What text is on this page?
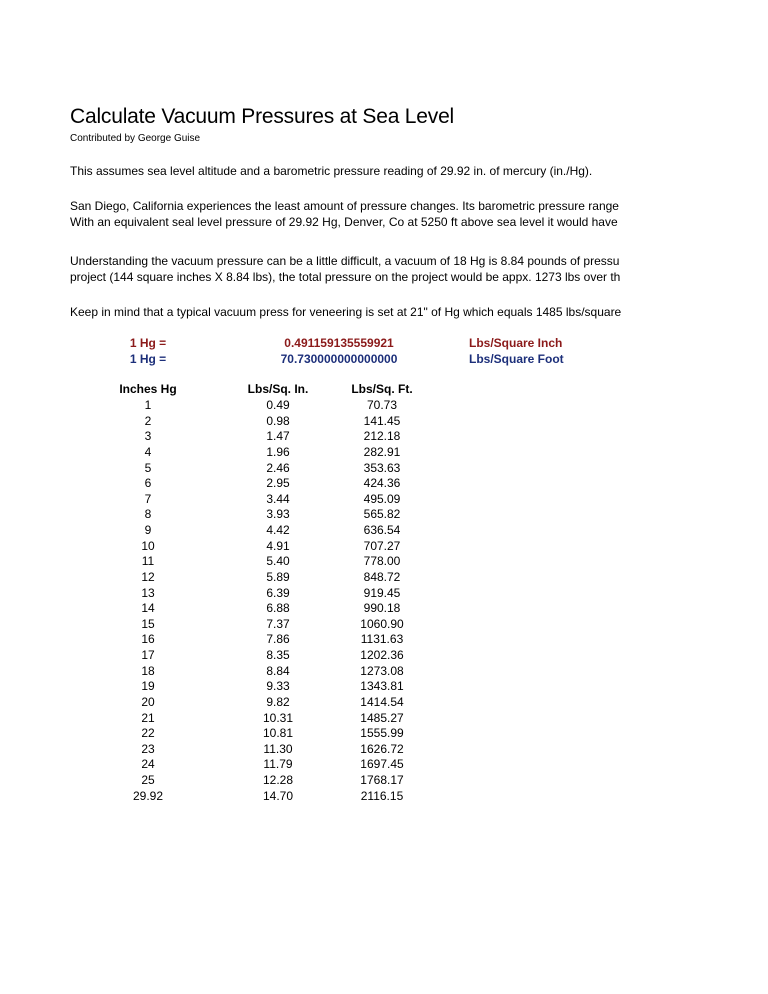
Calculate Vacuum Pressures at Sea Level
Contributed by George Guise
This assumes sea level altitude and a barometric pressure reading of 29.92 in. of mercury (in./Hg).
San Diego, California experiences the least amount of pressure changes. Its barometric pressure range
With an equivalent seal level pressure of 29.92 Hg, Denver, Co at 5250 ft above sea level it would have
Understanding the vacuum pressure can be a little difficult, a vacuum of 18 Hg is 8.84 pounds of pressu
project (144 square inches X 8.84 lbs), the total pressure on the project would be appx. 1273 lbs over th
Keep in mind that a typical vacuum press for veneering is set at 21" of Hg which equals 1485 lbs/square
1 Hg =	0.491159135559921	Lbs/Square Inch
1 Hg =	70.730000000000000	Lbs/Square Foot
Inches Hg	Lbs/Sq. In.	Lbs/Sq. Ft.
1	0.49	70.73
2	0.98	141.45
3	1.47	212.18
4	1.96	282.91
5	2.46	353.63
6	2.95	424.36
7	3.44	495.09
8	3.93	565.82
9	4.42	636.54
10	4.91	707.27
11	5.40	778.00
12	5.89	848.72
13	6.39	919.45
14	6.88	990.18
15	7.37	1060.90
16	7.86	1131.63
17	8.35	1202.36
18	8.84	1273.08
19	9.33	1343.81
20	9.82	1414.54
21	10.31	1485.27
22	10.81	1555.99
23	11.30	1626.72
24	11.79	1697.45
25	12.28	1768.17
29.92	14.70	2116.15
